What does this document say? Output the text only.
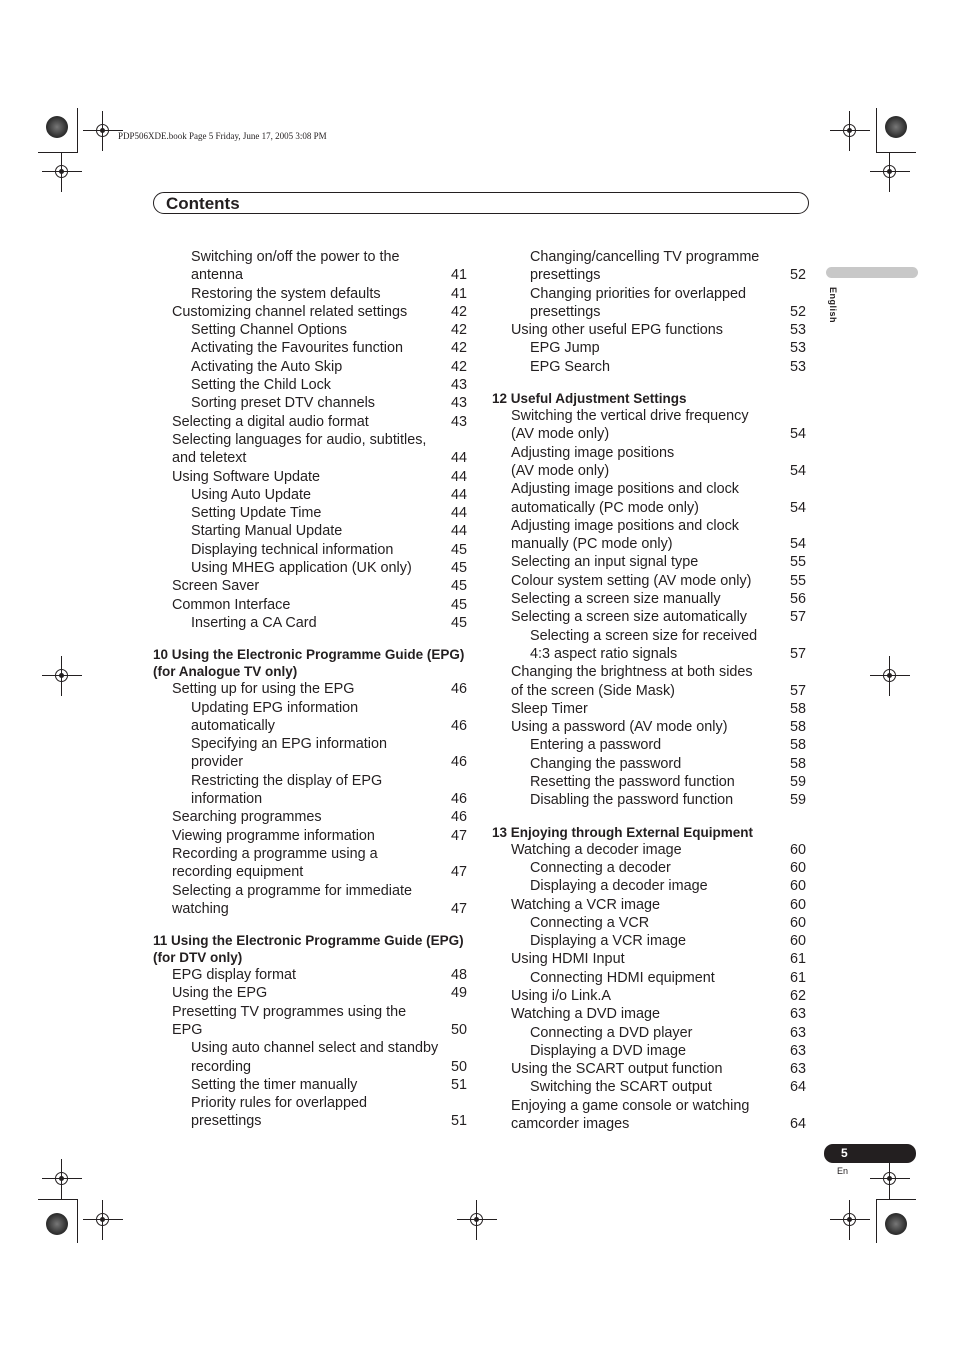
PDP506XDE.book Page 5 Friday, June 17, 2005 3:08 PM
Contents
English
Switching on/off the power to the
antenna	41
Restoring the system defaults	41
Customizing channel related settings	42
Setting Channel Options	42
Activating the Favourites function	42
Activating the Auto Skip	42
Setting the Child Lock	43
Sorting preset DTV channels	43
Selecting a digital audio format	43
Selecting languages for audio, subtitles,
and teletext	44
Using Software Update	44
Using Auto Update	44
Setting Update Time	44
Starting Manual Update	44
Displaying technical information	45
Using MHEG application (UK only)	45
Screen Saver	45
Common Interface	45
Inserting a CA Card	45
10 Using the Electronic Programme Guide (EPG)(for Analogue TV only)
Setting up for using the EPG	46
Updating EPG information
automatically	46
Specifying an EPG information
provider	46
Restricting the display of EPG
information	46
Searching programmes	46
Viewing programme information	47
Recording a programme using a
recording equipment	47
Selecting a programme for immediate
watching	47
11 Using the Electronic Programme Guide (EPG)(for DTV only)
EPG display format	48
Using the EPG	49
Presetting TV programmes using the
EPG	50
Using auto channel select and standby
recording	50
Setting the timer manually	51
Priority rules for overlapped
presettings	51
Changing/cancelling TV programme
presettings	52
Changing priorities for overlapped
presettings	52
Using other useful EPG functions	53
EPG Jump	53
EPG Search	53
12 Useful Adjustment Settings
Switching the vertical drive frequency
(AV mode only)	54
Adjusting image positions
(AV mode only)	54
Adjusting image positions and clock
automatically (PC mode only)	54
Adjusting image positions and clock
manually (PC mode only)	54
Selecting an input signal type	55
Colour system setting (AV mode only)	55
Selecting a screen size manually	56
Selecting a screen size automatically	57
Selecting a screen size for received
4:3 aspect ratio signals	57
Changing the brightness at both sides
of the screen (Side Mask)	57
Sleep Timer	58
Using a password (AV mode only)	58
Entering a password	58
Changing the password	58
Resetting the password function	59
Disabling the password function	59
13 Enjoying through External Equipment
Watching a decoder image	60
Connecting a decoder	60
Displaying a decoder image	60
Watching a VCR image	60
Connecting a VCR	60
Displaying a VCR image	60
Using HDMI Input	61
Connecting HDMI equipment	61
Using i/o Link.A	62
Watching a DVD image	63
Connecting a DVD player	63
Displaying a DVD image	63
Using the SCART output function	63
Switching the SCART output	64
Enjoying a game console or watching
camcorder images	64
5
En
